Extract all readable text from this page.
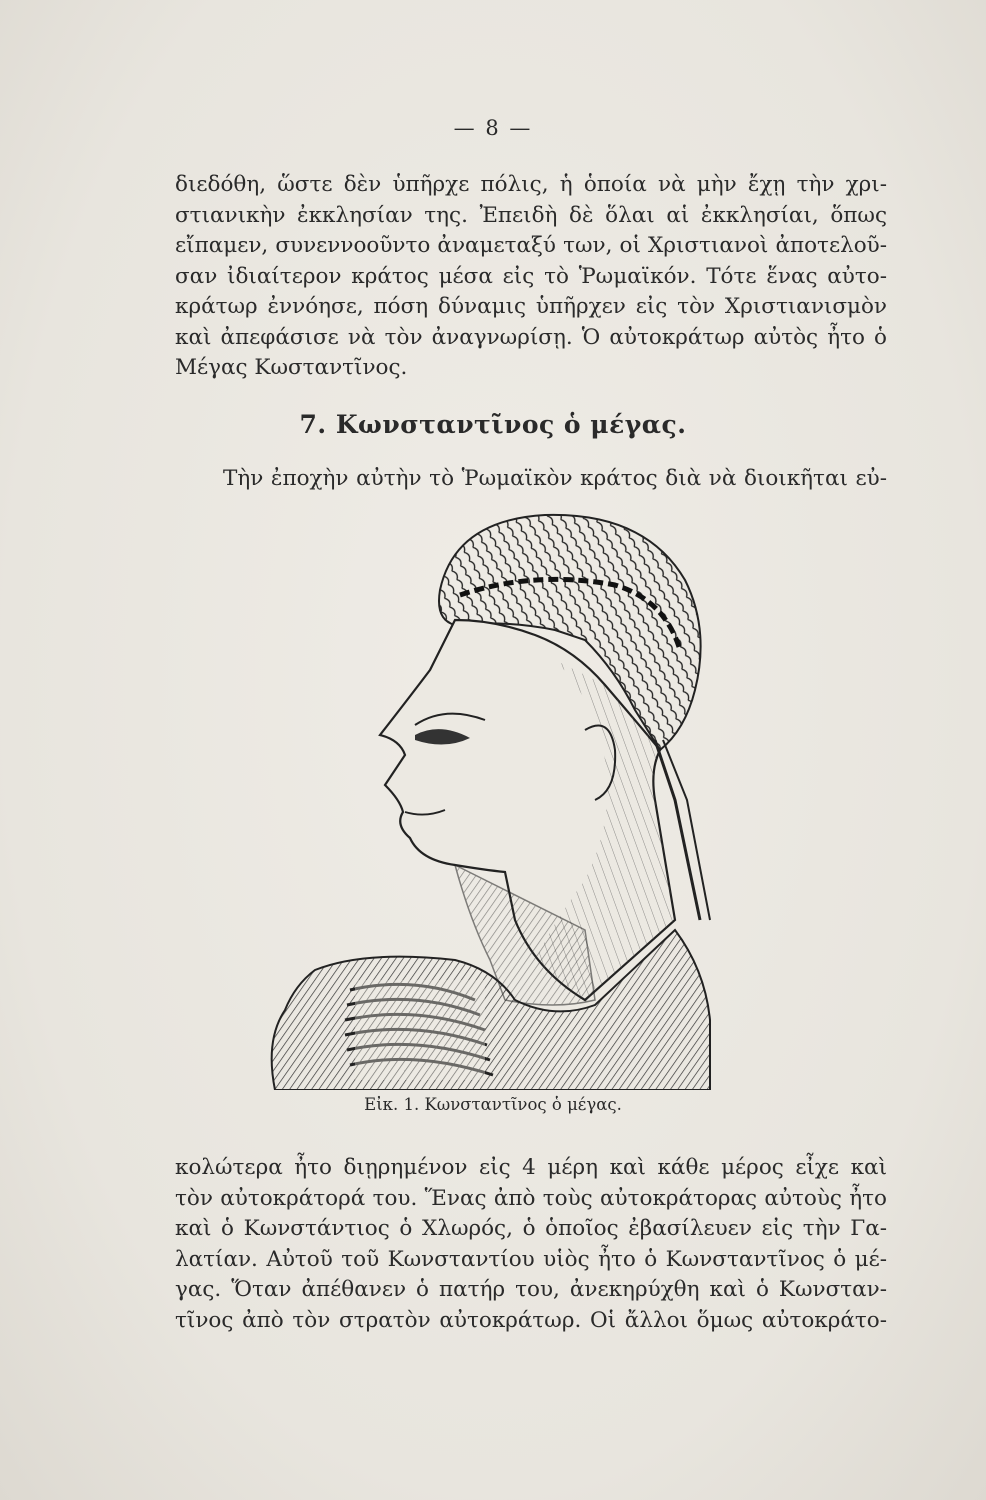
— 8 —
διεδόθη, ὥστε δὲν ὑπῆρχε πόλις, ἡ ὁποία νὰ μὴν ἔχῃ τὴν χρι-
στιανικὴν ἐκκλησίαν της. Ἐπειδὴ δὲ ὅλαι αἱ ἐκκλησίαι, ὅπως
εἴπαμεν, συνεννοοῦντο ἀναμεταξύ των, οἱ Χριστιανοὶ ἀποτελοῦ-
σαν ἰδιαίτερον κράτος μέσα εἰς τὸ Ῥωμαϊκόν. Τότε ἕνας αὐτο-
κράτωρ ἐννόησε, πόση δύναμις ὑπῆρχεν εἰς τὸν Χριστιανισμὸν
καὶ ἀπεφάσισε νὰ τὸν ἀναγνωρίσῃ. Ὁ αὐτοκράτωρ αὐτὸς ἦτο ὁ
Μέγας Κωσταντῖνος.
7. Κωνσταντῖνος ὁ μέγας.
Τὴν ἐποχὴν αὐτὴν τὸ Ῥωμαϊκὸν κράτος διὰ νὰ διοικῆται εὐ-
Εἰκ. 1. Κωνσταντῖνος ὁ μέγας.
κολώτερα ἦτο διῃρημένον εἰς 4 μέρη καὶ κάθε μέρος εἶχε καὶ
τὸν αὐτοκράτορά του. Ἕνας ἀπὸ τοὺς αὐτοκράτορας αὐτοὺς ἦτο
καὶ ὁ Κωνστάντιος ὁ Χλωρός, ὁ ὁποῖος ἐβασίλευεν εἰς τὴν Γα-
λατίαν. Αὐτοῦ τοῦ Κωνσταντίου υἱὸς ἦτο ὁ Κωνσταντῖνος ὁ μέ-
γας. Ὅταν ἀπέθανεν ὁ πατήρ του, ἀνεκηρύχθη καὶ ὁ Κωνσταν-
τῖνος ἀπὸ τὸν στρατὸν αὐτοκράτωρ. Οἱ ἄλλοι ὅμως αὐτοκράτο-
